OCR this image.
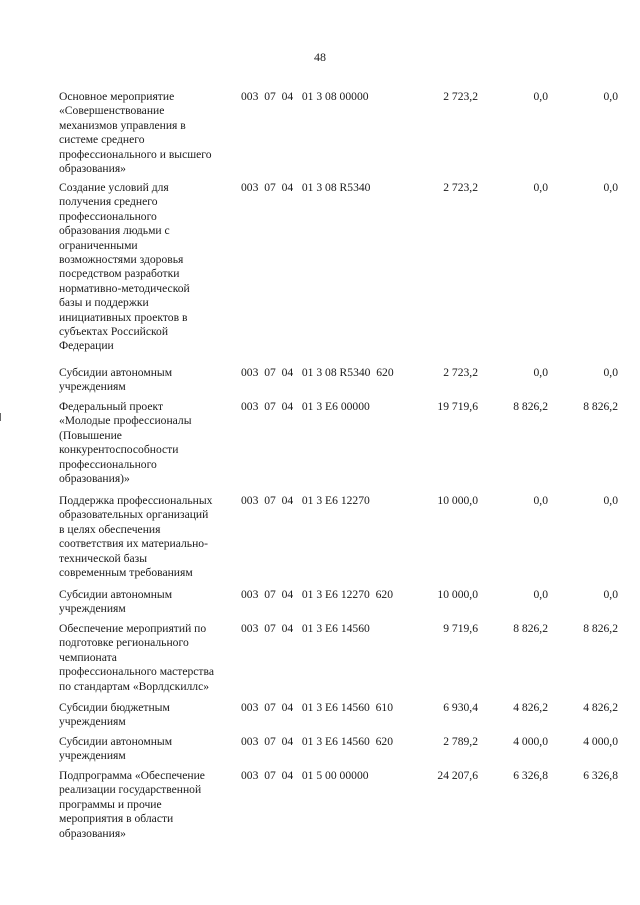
48
Основное мероприятие
«Совершенствование
механизмов управления в
системе среднего
профессионального и высшего
образования»
003  07  04   01 3 08 00000	2 723,2	0,0	0,0
Создание условий для
получения среднего
профессионального
образования людьми с
ограниченными
возможностями здоровья
посредством разработки
нормативно-методической
базы и поддержки
инициативных проектов в
субъектах Российской
Федерации
003  07  04   01 3 08 R5340	2 723,2	0,0	0,0
Субсидии автономным
учреждениям
003  07  04   01 3 08 R5340  620	2 723,2	0,0	0,0
Федеральный проект
«Молодые профессионалы
(Повышение
конкурентоспособности
профессионального
образования)»
003  07  04   01 3 E6 00000	19 719,6	8 826,2	8 826,2
Поддержка профессиональных
образовательных организаций
в целях обеспечения
соответствия их материально-
технической базы
современным требованиям
003  07  04   01 3 E6 12270	10 000,0	0,0	0,0
Субсидии автономным
учреждениям
003  07  04   01 3 E6 12270  620	10 000,0	0,0	0,0
Обеспечение мероприятий по
подготовке регионального
чемпионата
профессионального мастерства
по стандартам «Ворлдскиллс»
003  07  04   01 3 E6 14560	9 719,6	8 826,2	8 826,2
Субсидии бюджетным
учреждениям
003  07  04   01 3 E6 14560  610	6 930,4	4 826,2	4 826,2
Субсидии автономным
учреждениям
003  07  04   01 3 E6 14560  620	2 789,2	4 000,0	4 000,0
Подпрограмма «Обеспечение
реализации государственной
программы и прочие
мероприятия в области
образования»
003  07  04   01 5 00 00000	24 207,6	6 326,8	6 326,8
